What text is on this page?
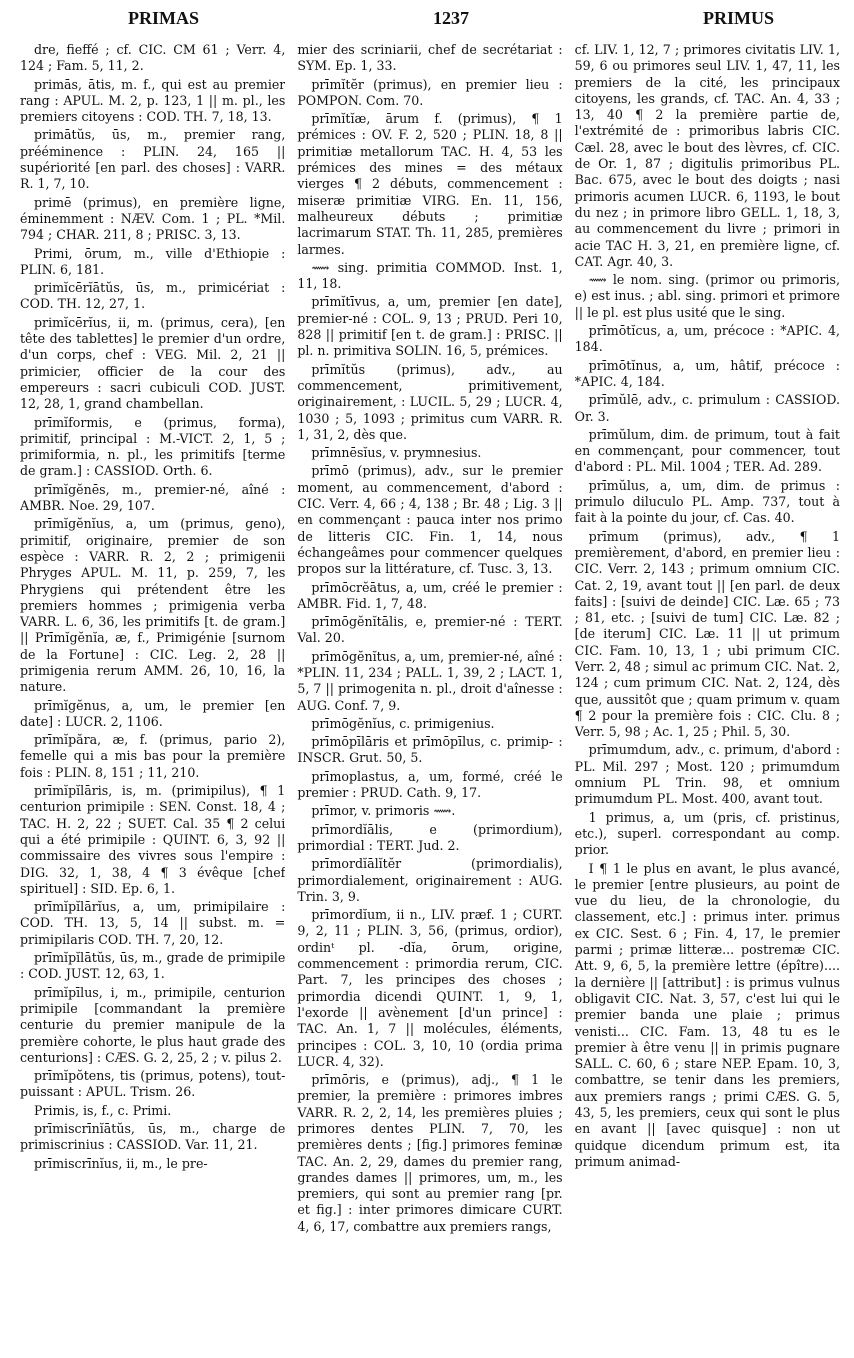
PRIMAS	1237	PRIMUS

dre, fieffé ; cf. CIC. CM 61 ; Verr. 4, 124 ; Fam. 5, 11, 2.

primās, ātis, m. f., qui est au premier rang : APUL. M. 2, p. 123, 1 || m. pl., les premiers citoyens : COD. TH. 7, 18, 13.

primātŭs, ūs, m., premier rang, prééminence : PLIN. 24, 165 || supériorité [en parl. des choses] : VARR. R. 1, 7, 10.

primē (primus), en première ligne, éminemment : NÆV. Com. 1 ; PL. *Mil. 794 ; CHAR. 211, 8 ; PRISC. 3, 13.

Primi, ōrum, m., ville d'Ethiopie : PLIN. 6, 181.

primĭcērĭātŭs, ūs, m., primicériat : COD. TH. 12, 27, 1.

primĭcērĭus, ii, m. (primus, cera), [en tête des tablettes] le premier d'un ordre, d'un corps, chef : VEG. Mil. 2, 21 || primicier, officier de la cour des empereurs : sacri cubiculi COD. JUST. 12, 28, 1, grand chambellan.

prīmĭformis, e (primus, forma), primitif, principal : M.-VICT. 2, 1, 5 ; primiformia, n. pl., les primitifs [terme de gram.] : CASSIOD. Orth. 6.

prīmĭgĕnēs, m., premier-né, aîné : AMBR. Noe. 29, 107.

prīmĭgĕnĭus, a, um (primus, geno), primitif, originaire, premier de son espèce : VARR. R. 2, 2 ; primigenii Phryges APUL. M. 11, p. 259, 7, les Phrygiens qui prétendent être les premiers hommes ; primigenia verba VARR. L. 6, 36, les primitifs [t. de gram.] || Prīmĭgĕnĭa, æ, f., Primigénie [surnom de la Fortune] : CIC. Leg. 2, 28 || primigenia rerum AMM. 26, 10, 16, la nature.

prīmĭgĕnus, a, um, le premier [en date] : LUCR. 2, 1106.

prīmĭpăra, æ, f. (primus, pario 2), femelle qui a mis bas pour la première fois : PLIN. 8, 151 ; 11, 210.

prīmĭpĭlāris, is, m. (primipilus), ¶ 1 centurion primipile : SEN. Const. 18, 4 ; TAC. H. 2, 22 ; SUET. Cal. 35 ¶ 2 celui qui a été primipile : QUINT. 6, 3, 92 || commissaire des vivres sous l'empire : DIG. 32, 1, 38, 4 ¶ 3 évêque [chef spirituel] : SID. Ep. 6, 1.

prīmĭpĭlārĭus, a, um, primipilaire : COD. TH. 13, 5, 14 || subst. m. = primipilaris COD. TH. 7, 20, 12.

prīmĭpĭlātŭs, ūs, m., grade de primipile : COD. JUST. 12, 63, 1.

prīmĭpīlus, i, m., primipile, centurion primipile [commandant la première centurie du premier manipule de la première cohorte, le plus haut grade des centurions] : CÆS. G. 2, 25, 2 ; v. pilus 2.

prīmĭpŏtens, tis (primus, potens), tout-puissant : APUL. Trism. 26.

Primis, is, f., c. Primi.

prīmiscrīnĭātŭs, ūs, m., charge de primiscrinius : CASSIOD. Var. 11, 21.

prīmiscrīnĭus, ii, m., le pre-

mier des scriniarii, chef de secrétariat : SYM. Ep. 1, 33.

prīmĭtĕr (primus), en premier lieu : POMPON. Com. 70.

prīmĭtĭæ, ārum f. (primus), ¶ 1 prémices : OV. F. 2, 520 ; PLIN. 18, 8 || primitiæ metallorum TAC. H. 4, 53 les prémices des mines = des métaux vierges ¶ 2 débuts, commencement : miseræ primitiæ VIRG. En. 11, 156, malheureux débuts ; primitiæ lacrimarum STAT. Th. 11, 285, premières larmes.

⟿ sing. primitia COMMOD. Inst. 1, 11, 18.

prīmĭtīvus, a, um, premier [en date], premier-né : COL. 9, 13 ; PRUD. Peri 10, 828 || primitif [en t. de gram.] : PRISC. || pl. n. primitiva SOLIN. 16, 5, prémices.

prīmĭtŭs (primus), adv., au commencement, primitivement, originairement, : LUCIL. 5, 29 ; LUCR. 4, 1030 ; 5, 1093 ; primitus cum VARR. R. 1, 31, 2, dès que.

prīmnēsĭus, v. prymnesius.

prīmō (primus), adv., sur le premier moment, au commencement, d'abord : CIC. Verr. 4, 66 ; 4, 138 ; Br. 48 ; Lig. 3 || en commençant : pauca inter nos primo de litteris CIC. Fin. 1, 14, nous échangeâmes pour commencer quelques propos sur la littérature, cf. Tusc. 3, 13.

prīmōcrĕātus, a, um, créé le premier : AMBR. Fid. 1, 7, 48.

prīmōgĕnĭtālis, e, premier-né : TERT. Val. 20.

prīmōgĕnĭtus, a, um, premier-né, aîné : *PLIN. 11, 234 ; PALL. 1, 39, 2 ; LACT. 1, 5, 7 || primogenita n. pl., droit d'aînesse : AUG. Conf. 7, 9.

prīmōgĕnĭus, c. primigenius.

prīmōpīlāris et prīmōpīlus, c. primip- : INSCR. Grut. 50, 5.

prīmoplastus, a, um, formé, créé le premier : PRUD. Cath. 9, 17.

prīmor, v. primoris ⟿.

prīmordĭālis, e (primordium), primordial : TERT. Jud. 2.

prīmordĭālĭtĕr (primordialis), primordialement, originairement : AUG. Trin. 3, 9.

prīmordĭum, ii n., LIV. præf. 1 ; CURT. 9, 2, 11 ; PLIN. 3, 56, (primus, ordior), ordinᵗ pl. -dĭa, ōrum, origine, commencement : primordia rerum, CIC. Part. 7, les principes des choses ; primordia dicendi QUINT. 1, 9, 1, l'exorde || avènement [d'un prince] : TAC. An. 1, 7 || molécules, éléments, principes : COL. 3, 10, 10 (ordia prima LUCR. 4, 32).

prīmōris, e (primus), adj., ¶ 1 le premier, la première : primores imbres VARR. R. 2, 2, 14, les premières pluies ; primores dentes PLIN. 7, 70, les premières dents ; [fig.] primores feminæ TAC. An. 2, 29, dames du premier rang, grandes dames || primores, um, m., les premiers, qui sont au premier rang [pr. et fig.] : inter primores dimicare CURT. 4, 6, 17, combattre aux premiers rangs,

cf. LIV. 1, 12, 7 ; primores civitatis LIV. 1, 59, 6 ou primores seul LIV. 1, 47, 11, les premiers de la cité, les principaux citoyens, les grands, cf. TAC. An. 4, 33 ; 13, 40 ¶ 2 la première partie de, l'extrémité de : primoribus labris CIC. Cæl. 28, avec le bout des lèvres, cf. CIC. de Or. 1, 87 ; digitulis primoribus PL. Bac. 675, avec le bout des doigts ; nasi primoris acumen LUCR. 6, 1193, le bout du nez ; in primore libro GELL. 1, 18, 3, au commencement du livre ; primori in acie TAC H. 3, 21, en première ligne, cf. CAT. Agr. 40, 3.

⟿ le nom. sing. (primor ou primoris, e) est inus. ; abl. sing. primori et primore || le pl. est plus usité que le sing.

prīmōtĭcus, a, um, précoce : *APIC. 4, 184.

prīmōtĭnus, a, um, hâtif, précoce : *APIC. 4, 184.

prīmŭlē, adv., c. primulum : CASSIOD. Or. 3.

prīmŭlum, dim. de primum, tout à fait en commençant, pour commencer, tout d'abord : PL. Mil. 1004 ; TER. Ad. 289.

prīmŭlus, a, um, dim. de primus : primulo diluculo PL. Amp. 737, tout à fait à la pointe du jour, cf. Cas. 40.

prīmum (primus), adv., ¶ 1 premièrement, d'abord, en premier lieu : CIC. Verr. 2, 143 ; primum omnium CIC. Cat. 2, 19, avant tout || [en parl. de deux faits] : [suivi de deinde] CIC. Læ. 65 ; 73 ; 81, etc. ; [suivi de tum] CIC. Læ. 82 ; [de iterum] CIC. Læ. 11 || ut primum CIC. Fam. 10, 13, 1 ; ubi primum CIC. Verr. 2, 48 ; simul ac primum CIC. Nat. 2, 124 ; cum primum CIC. Nat. 2, 124, dès que, aussitôt que ; quam primum v. quam ¶ 2 pour la première fois : CIC. Clu. 8 ; Verr. 5, 98 ; Ac. 1, 25 ; Phil. 5, 30.

prīmumdum, adv., c. primum, d'abord : PL. Mil. 297 ; Most. 120 ; primumdum omnium PL Trin. 98, et omnium primumdum PL. Most. 400, avant tout.

1 primus, a, um (pris, cf. pristinus, etc.), superl. correspondant au comp. prior.

I ¶ 1 le plus en avant, le plus avancé, le premier [entre plusieurs, au point de vue du lieu, de la chronologie, du classement, etc.] : primus inter. primus ex CIC. Sest. 6 ; Fin. 4, 17, le premier parmi ; primæ litteræ... postremæ CIC. Att. 9, 6, 5, la première lettre (épître).... la dernière || [attribut] : is primus vulnus obligavit CIC. Nat. 3, 57, c'est lui qui le premier banda une plaie ; primus venisti... CIC. Fam. 13, 48 tu es le premier à être venu || in primis pugnare SALL. C. 60, 6 ; stare NEP. Epam. 10, 3, combattre, se tenir dans les premiers, aux premiers rangs ; primi CÆS. G. 5, 43, 5, les premiers, ceux qui sont le plus en avant || [avec quisque] : non ut quidque dicendum primum est, ita primum animad-
